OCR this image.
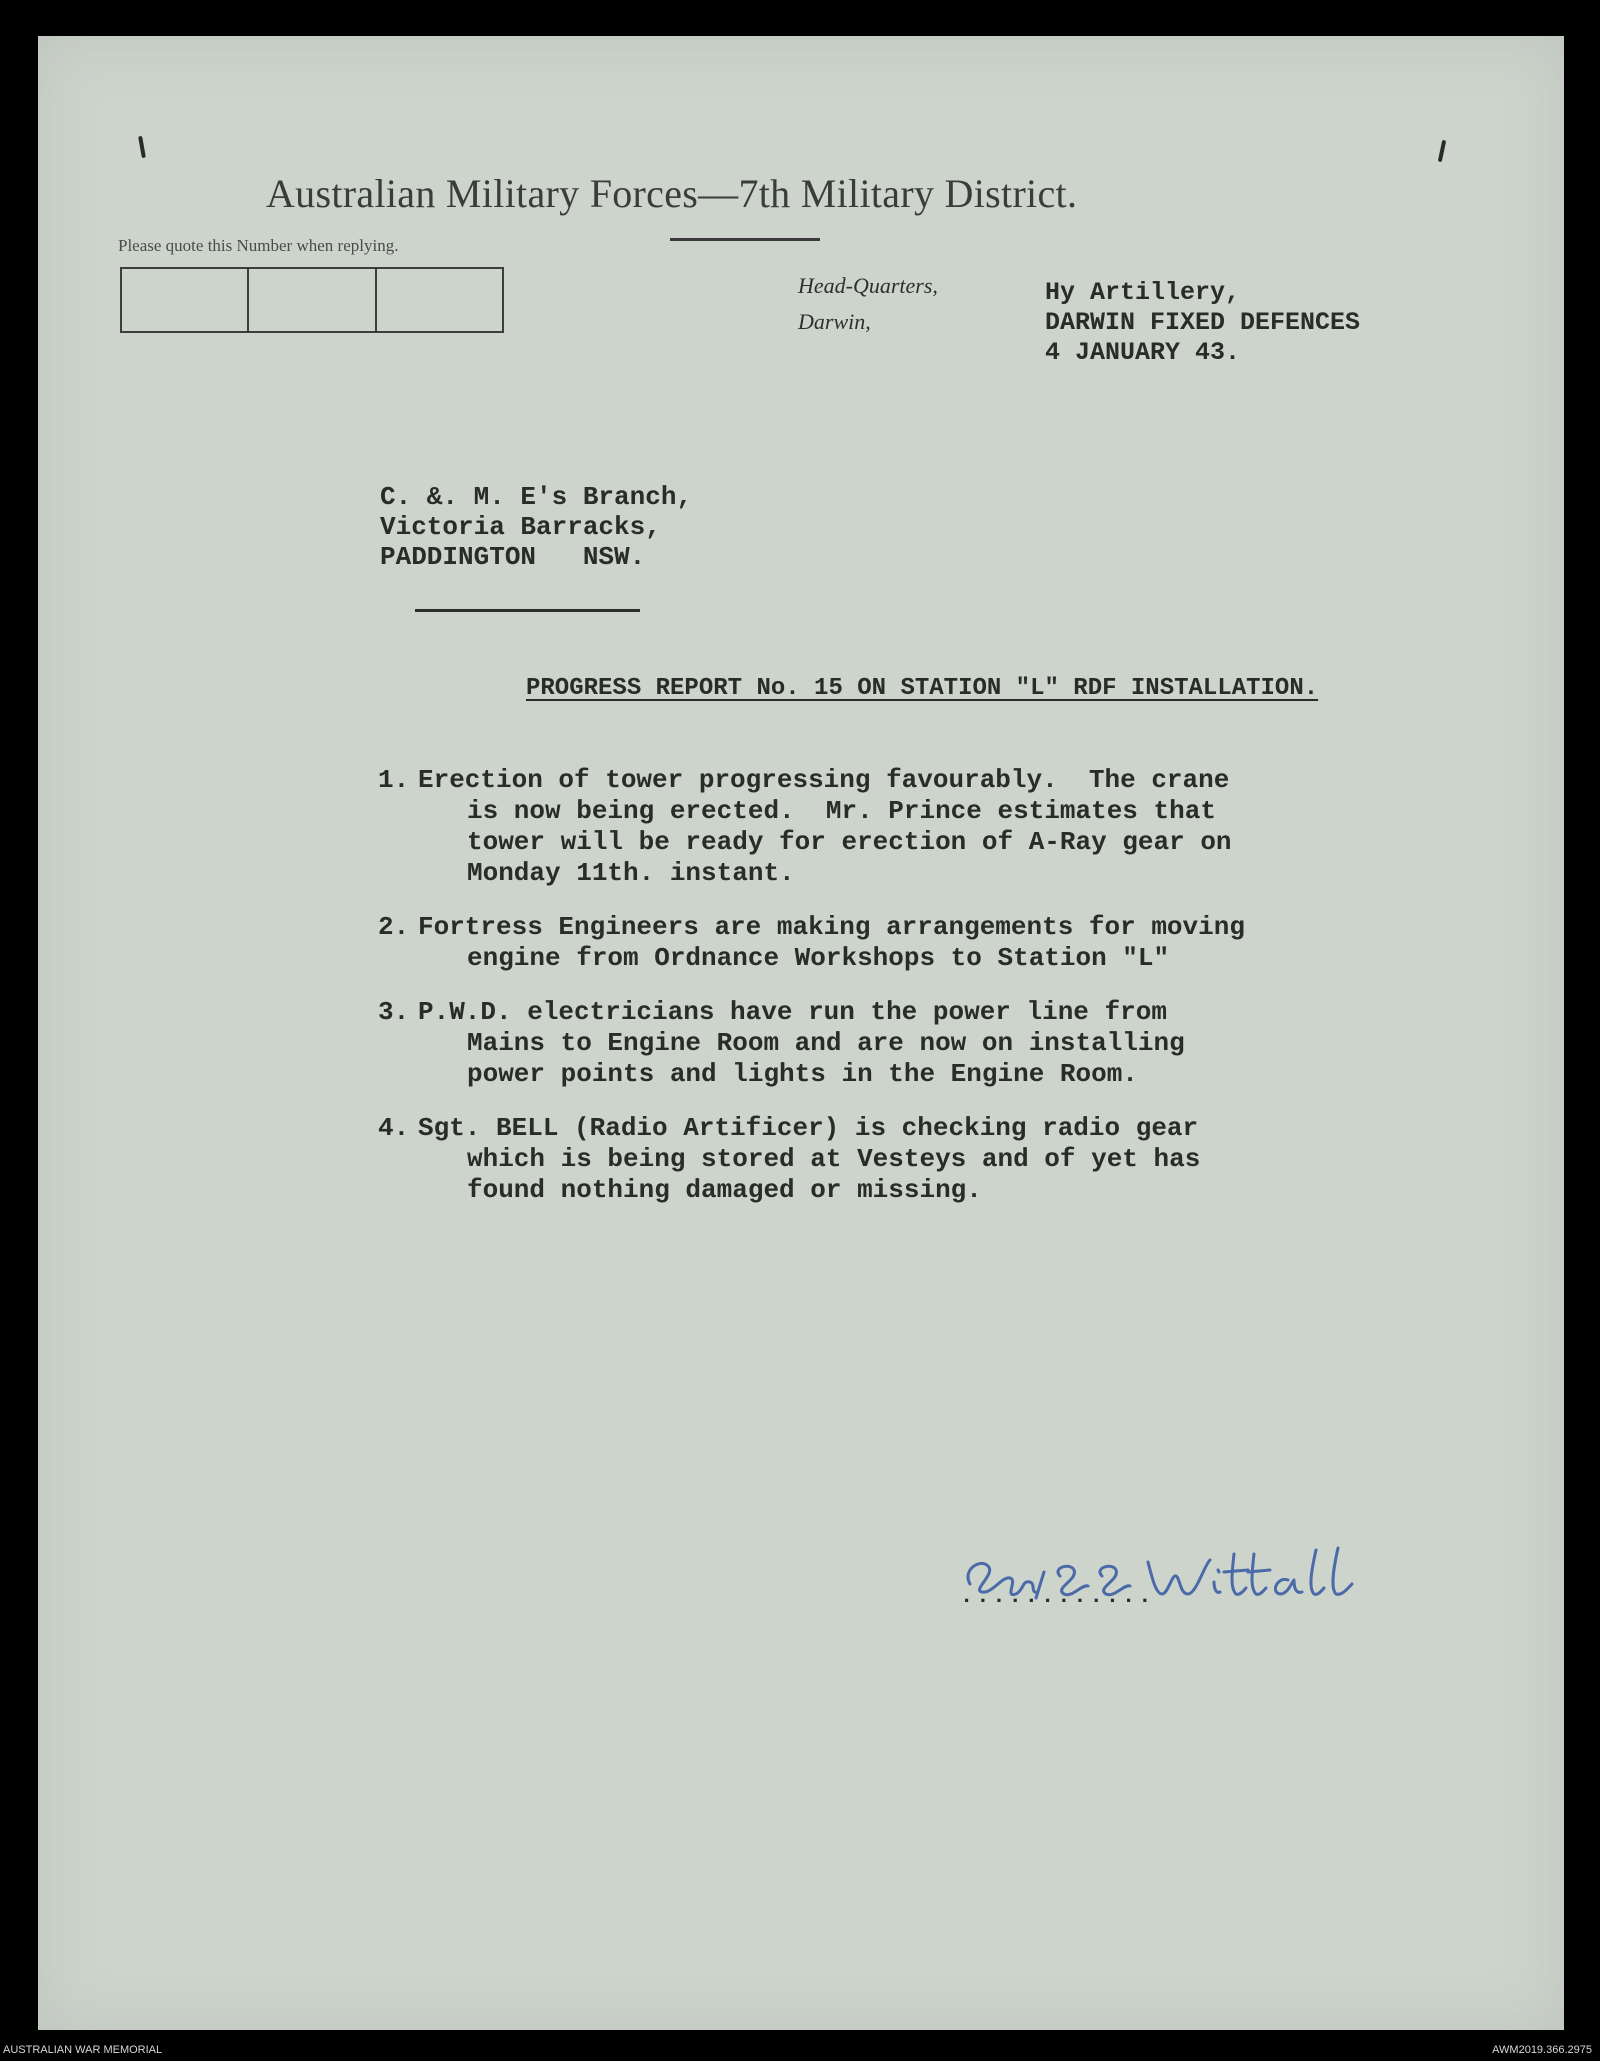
Australian Military Forces—7th Military District.
Please quote this Number when replying.
Head-Quarters,
Darwin,
Hy Artillery,
DARWIN FIXED DEFENCES
4 JANUARY 43.
C. &. M. E's Branch,
Victoria Barracks,
PADDINGTON   NSW.
PROGRESS REPORT No. 15 ON STATION "L" RDF INSTALLATION.
1. Erection of tower progressing favourably.  The crane
is now being erected.  Mr. Prince estimates that
tower will be ready for erection of A-Ray gear on
Monday 11th. instant.
2. Fortress Engineers are making arrangements for moving
engine from Ordnance Workshops to Station "L"
3. P.W.D. electricians have run the power line from
Mains to Engine Room and are now on installing
power points and lights in the Engine Room.
4. Sgt. BELL (Radio Artificer) is checking radio gear
which is being stored at Vesteys and of yet has
found nothing damaged or missing.
............
AUSTRALIAN WAR MEMORIAL	AWM2019.366.2975
